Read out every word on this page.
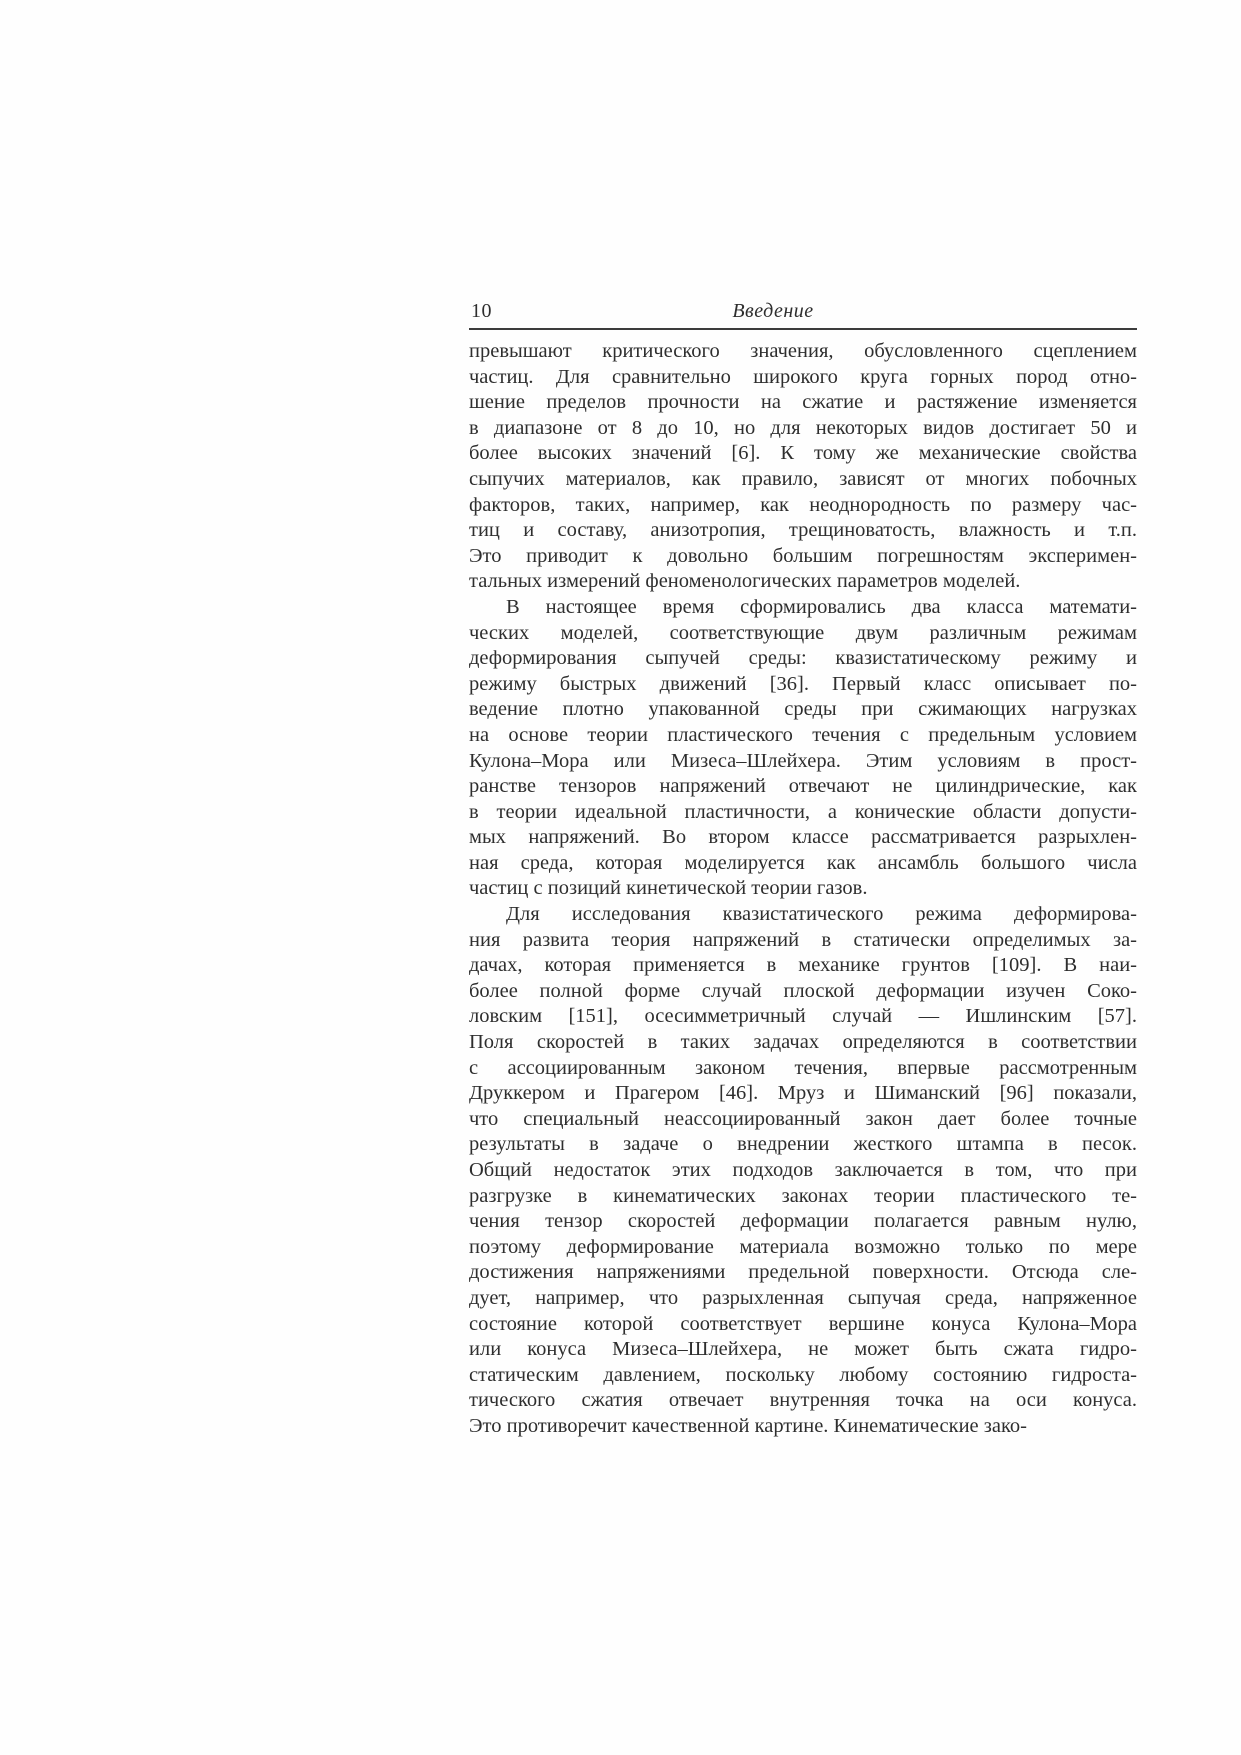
10	Введение
превышают критического значения, обусловленного сцеплением
частиц. Для сравнительно широкого круга горных пород отно-
шение пределов прочности на сжатие и растяжение изменяется
в диапазоне от 8 до 10, но для некоторых видов достигает 50 и
более высоких значений [6]. К тому же механические свойства
сыпучих материалов, как правило, зависят от многих побочных
факторов, таких, например, как неоднородность по размеру час-
тиц и составу, анизотропия, трещиноватость, влажность и т.п.
Это приводит к довольно большим погрешностям эксперимен-
тальных измерений феноменологических параметров моделей.
В настоящее время сформировались два класса математи-
ческих моделей, соответствующие двум различным режимам
деформирования сыпучей среды: квазистатическому режиму и
режиму быстрых движений [36]. Первый класс описывает по-
ведение плотно упакованной среды при сжимающих нагрузках
на основе теории пластического течения с предельным условием
Кулона–Мора или Мизеса–Шлейхера. Этим условиям в прост-
ранстве тензоров напряжений отвечают не цилиндрические, как
в теории идеальной пластичности, а конические области допусти-
мых напряжений. Во втором классе рассматривается разрыхлен-
ная среда, которая моделируется как ансамбль большого числа
частиц с позиций кинетической теории газов.
Для исследования квазистатического режима деформирова-
ния развита теория напряжений в статически определимых за-
дачах, которая применяется в механике грунтов [109]. В наи-
более полной форме случай плоской деформации изучен Соко-
ловским [151], осесимметричный случай — Ишлинским [57].
Поля скоростей в таких задачах определяются в соответствии
с ассоциированным законом течения, впервые рассмотренным
Друккером и Прагером [46]. Мруз и Шиманский [96] показали,
что специальный неассоциированный закон дает более точные
результаты в задаче о внедрении жесткого штампа в песок.
Общий недостаток этих подходов заключается в том, что при
разгрузке в кинематических законах теории пластического те-
чения тензор скоростей деформации полагается равным нулю,
поэтому деформирование материала возможно только по мере
достижения напряжениями предельной поверхности. Отсюда сле-
дует, например, что разрыхленная сыпучая среда, напряженное
состояние которой соответствует вершине конуса Кулона–Мора
или конуса Мизеса–Шлейхера, не может быть сжата гидро-
статическим давлением, поскольку любому состоянию гидроста-
тического сжатия отвечает внутренняя точка на оси конуса.
Это противоречит качественной картине. Кинематические зако-
